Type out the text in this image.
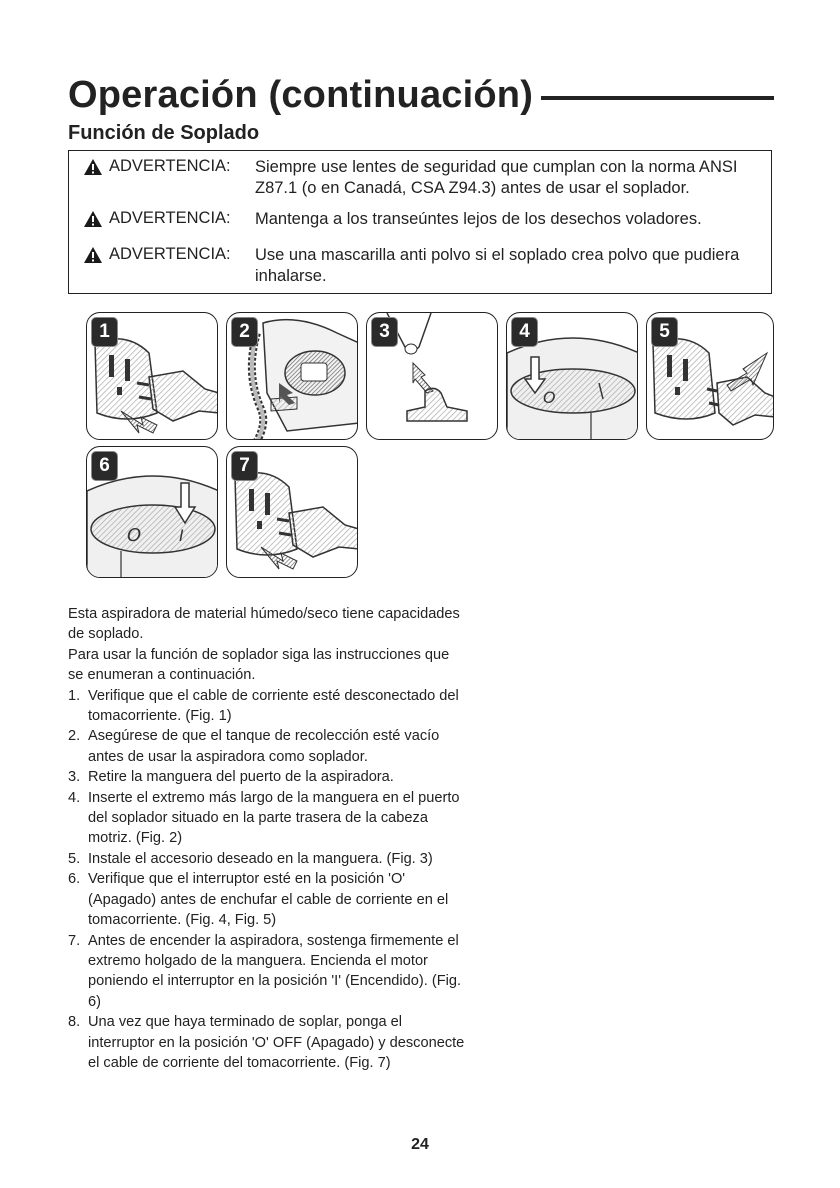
Operación (continuación)
Función de Soplado
ADVERTENCIA: Siempre use lentes de seguridad que cumplan con la norma ANSI Z87.1 (o en Canadá, CSA Z94.3) antes de usar el soplador.
ADVERTENCIA: Mantenga a los transeúntes lejos de los desechos voladores.
ADVERTENCIA: Use una mascarilla anti polvo si el soplado crea polvo que pudiera inhalarse.
1	2	3
O
4	5
O I
6	7

Esta aspiradora de material húmedo/seco tiene capacidades de soplado.

Para usar la función de soplador siga las instrucciones que se enumeran a continuación.

1. Verifique que el cable de corriente esté desconectado del tomacorriente. (Fig. 1)
2. Asegúrese de que el tanque de recolección esté vacío antes de usar la aspiradora como soplador.
3. Retire la manguera del puerto de la aspiradora.
4. Inserte el extremo más largo de la manguera en el puerto del soplador situado en la parte trasera de la cabeza motriz. (Fig. 2)
5. Instale el accesorio deseado en la manguera. (Fig. 3)
6. Verifique que el interruptor esté en la posición 'O' (Apagado) antes de enchufar el cable de corriente en el tomacorriente. (Fig. 4, Fig. 5)
7. Antes de encender la aspiradora, sostenga firmemente el extremo holgado de la manguera. Encienda el motor poniendo el interruptor en la posición 'I' (Encendido). (Fig. 6)
8. Una vez que haya terminado de soplar, ponga el interruptor en la posición 'O' OFF (Apagado) y desconecte el cable de corriente del tomacorriente. (Fig. 7)
24
